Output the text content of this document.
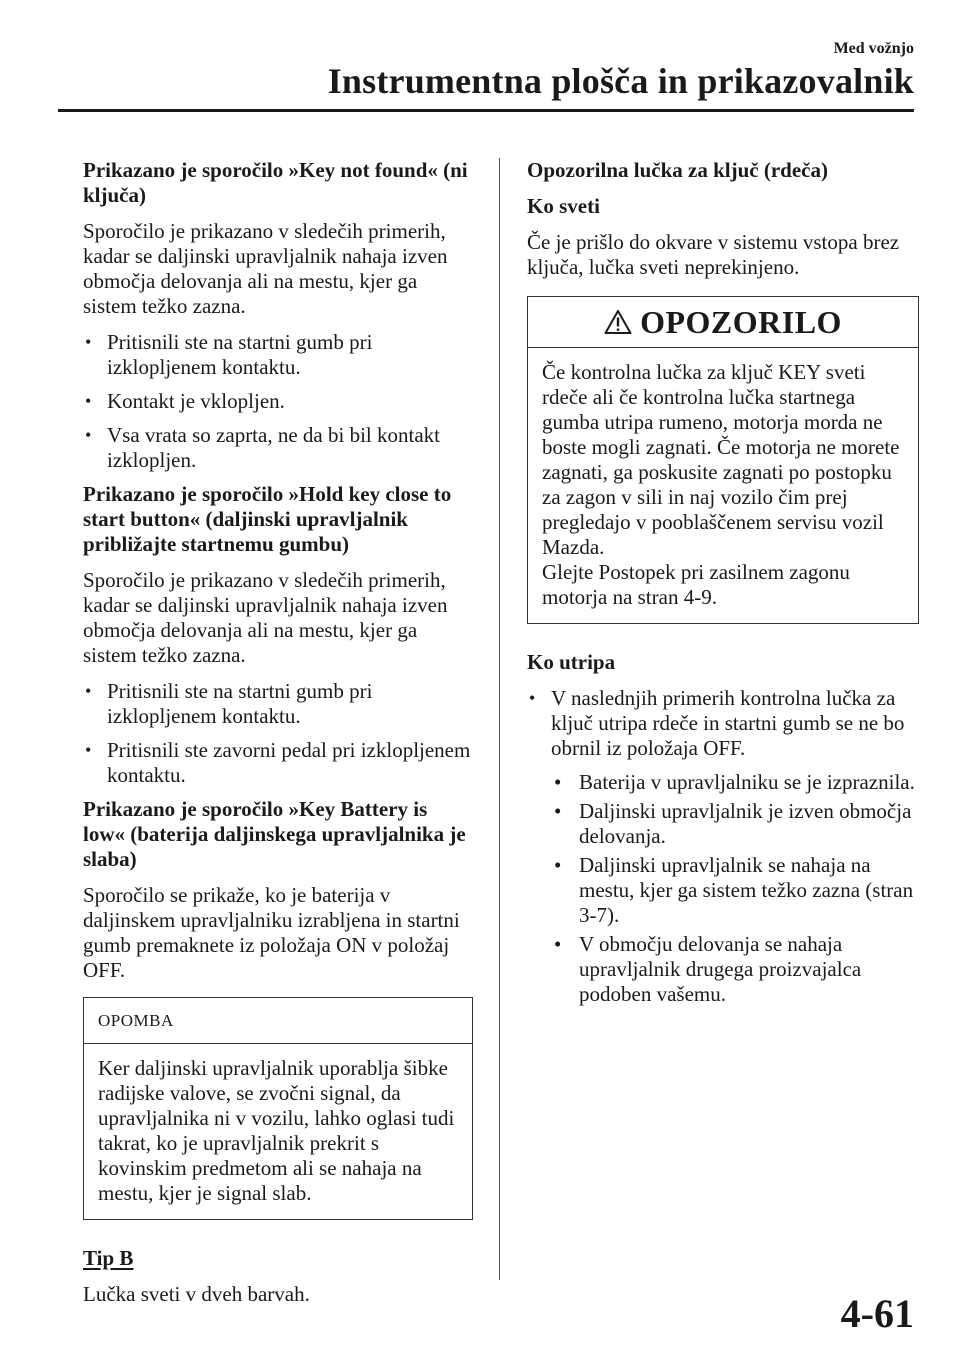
Med vožnjo
Instrumentna plošča in prikazovalnik

Prikazano je sporočilo »Key not found« (ni ključa)

Sporočilo je prikazano v sledečih primerih, kadar se daljinski upravljalnik nahaja izven območja delovanja ali na mestu, kjer ga sistem težko zazna.

• Pritisnili ste na startni gumb pri izklopljenem kontaktu.
• Kontakt je vklopljen.
• Vsa vrata so zaprta, ne da bi bil kontakt izklopljen.

Prikazano je sporočilo »Hold key close to start button« (daljinski upravljalnik približajte startnemu gumbu)

Sporočilo je prikazano v sledečih primerih, kadar se daljinski upravljalnik nahaja izven območja delovanja ali na mestu, kjer ga sistem težko zazna.

• Pritisnili ste na startni gumb pri izklopljenem kontaktu.
• Pritisnili ste zavorni pedal pri izklopljenem kontaktu.

Prikazano je sporočilo »Key Battery is low« (baterija daljinskega upravljalnika je slaba)

Sporočilo se prikaže, ko je baterija v daljinskem upravljalniku izrabljena in startni gumb premaknete iz položaja ON v položaj OFF.

OPOMBA
Ker daljinski upravljalnik uporablja šibke radijske valove, se zvočni signal, da upravljalnika ni v vozilu, lahko oglasi tudi takrat, ko je upravljalnik prekrit s kovinskim predmetom ali se nahaja na mestu, kjer je signal slab.

Tip B

Lučka sveti v dveh barvah.

Opozorilna lučka za ključ (rdeča)

Ko sveti

Če je prišlo do okvare v sistemu vstopa brez ključa, lučka sveti neprekinjeno.

OPOZORILO
Če kontrolna lučka za ključ KEY sveti rdeče ali če kontrolna lučka startnega gumba utripa rumeno, motorja morda ne boste mogli zagnati. Če motorja ne morete zagnati, ga poskusite zagnati po postopku za zagon v sili in naj vozilo čim prej pregledajo v pooblaščenem servisu vozil Mazda.
Glejte Postopek pri zasilnem zagonu motorja na stran 4-9.

Ko utripa

• V naslednjih primerih kontrolna lučka za ključ utripa rdeče in startni gumb se ne bo obrnil iz položaja OFF.
• Baterija v upravljalniku se je izpraznila.
• Daljinski upravljalnik je izven območja delovanja.
• Daljinski upravljalnik se nahaja na mestu, kjer ga sistem težko zazna (stran 3-7).
• V območju delovanja se nahaja upravljalnik drugega proizvajalca podoben vašemu.
4-61
